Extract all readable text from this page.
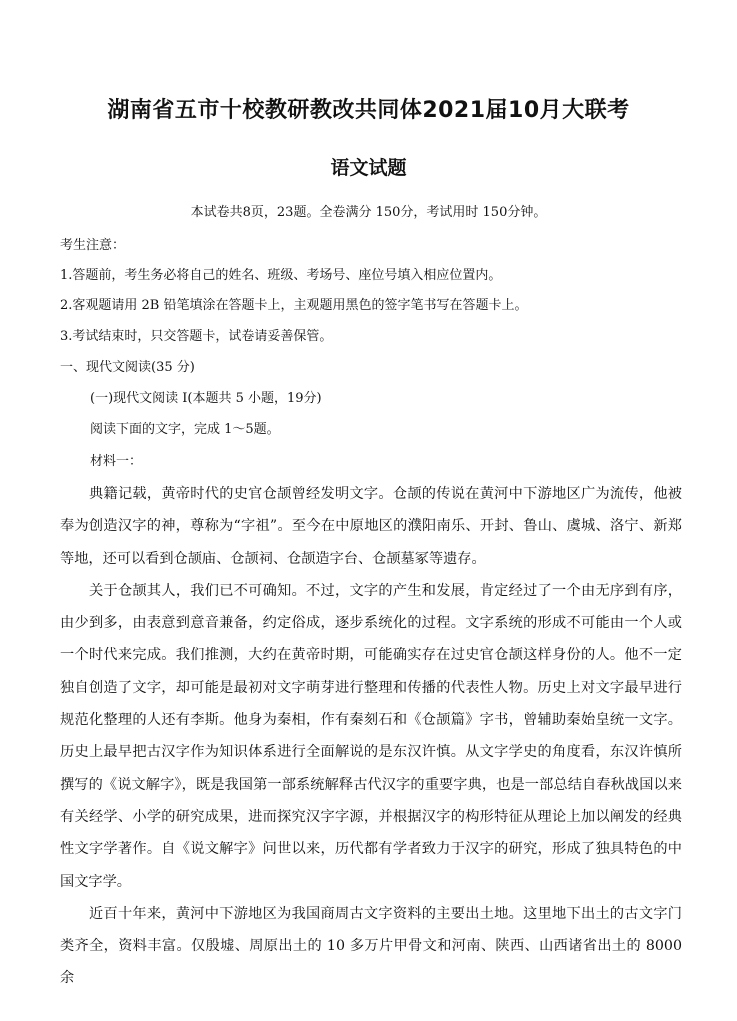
湖南省五市十校教研教改共同体2021届10月大联考
语文试题
本试卷共8页，23题。全卷满分 150分，考试用时 150分钟。
考生注意：
1.答题前，考生务必将自己的姓名、班级、考场号、座位号填入相应位置内。
2.客观题请用 2B 铅笔填涂在答题卡上，主观题用黑色的签字笔书写在答题卡上。
3.考试结束时，只交答题卡，试卷请妥善保管。
一、现代文阅读(35 分)
(一)现代文阅读 I(本题共 5 小题，19分)
阅读下面的文字，完成 1～5题。
材料一：

典籍记载，黄帝时代的史官仓颉曾经发明文字。仓颉的传说在黄河中下游地区广为流传，他被奉为创造汉字的神，尊称为“字祖”。至今在中原地区的濮阳南乐、开封、鲁山、虞城、洛宁、新郑等地，还可以看到仓颉庙、仓颉祠、仓颉造字台、仓颉墓冢等遗存。

关于仓颉其人，我们已不可确知。不过，文字的产生和发展，肯定经过了一个由无序到有序，由少到多，由表意到意音兼备，约定俗成，逐步系统化的过程。文字系统的形成不可能由一个人或一个时代来完成。我们推测，大约在黄帝时期，可能确实存在过史官仓颉这样身份的人。他不一定独自创造了文字，却可能是最初对文字萌芽进行整理和传播的代表性人物。历史上对文字最早进行规范化整理的人还有李斯。他身为秦相，作有秦刻石和《仓颉篇》字书，曾辅助秦始皇统一文字。历史上最早把古汉字作为知识体系进行全面解说的是东汉许慎。从文字学史的角度看，东汉许慎所撰写的《说文解字》，既是我国第一部系统解释古代汉字的重要字典，也是一部总结自春秋战国以来有关经学、小学的研究成果，进而探究汉字字源，并根据汉字的构形特征从理论上加以阐发的经典性文字学著作。自《说文解字》问世以来，历代都有学者致力于汉字的研究，形成了独具特色的中国文字学。

近百十年来，黄河中下游地区为我国商周古文字资料的主要出土地。这里地下出土的古文字门类齐全，资料丰富。仅殷墟、周原出土的 10 多万片甲骨文和河南、陕西、山西诸省出土的 8000 余
